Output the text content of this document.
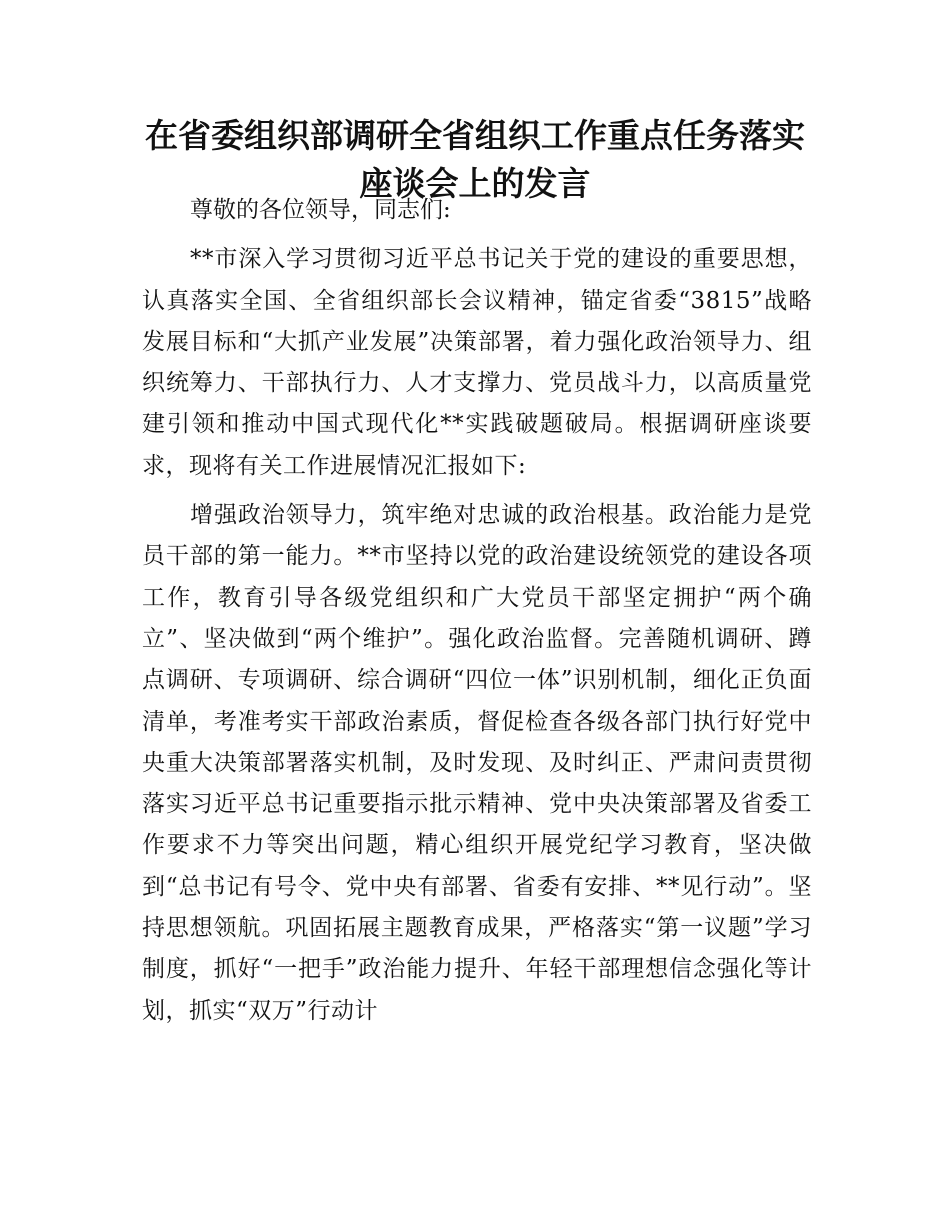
在省委组织部调研全省组织工作重点任务落实
座谈会上的发言

尊敬的各位领导，同志们:

**市深入学习贯彻习近平总书记关于党的建设的重要思想，认真落实全国、全省组织部长会议精神，锚定省委“3815”战略发展目标和“大抓产业发展”决策部署，着力强化政治领导力、组织统筹力、干部执行力、人才支撑力、党员战斗力，以高质量党建引领和推动中国式现代化**实践破题破局。根据调研座谈要求，现将有关工作进展情况汇报如下:

增强政治领导力，筑牢绝对忠诚的政治根基。政治能力是党员干部的第一能力。**市坚持以党的政治建设统领党的建设各项工作，教育引导各级党组织和广大党员干部坚定拥护“两个确立”、坚决做到“两个维护”。强化政治监督。完善随机调研、蹲点调研、专项调研、综合调研“四位一体”识别机制，细化正负面清单，考准考实干部政治素质，督促检查各级各部门执行好党中央重大决策部署落实机制，及时发现、及时纠正、严肃问责贯彻落实习近平总书记重要指示批示精神、党中央决策部署及省委工作要求不力等突出问题，精心组织开展党纪学习教育，坚决做到“总书记有号令、党中央有部署、省委有安排、**见行动”。坚持思想领航。巩固拓展主题教育成果，严格落实“第一议题”学习制度，抓好“一把手”政治能力提升、年轻干部理想信念强化等计划，抓实“双万”行动计
